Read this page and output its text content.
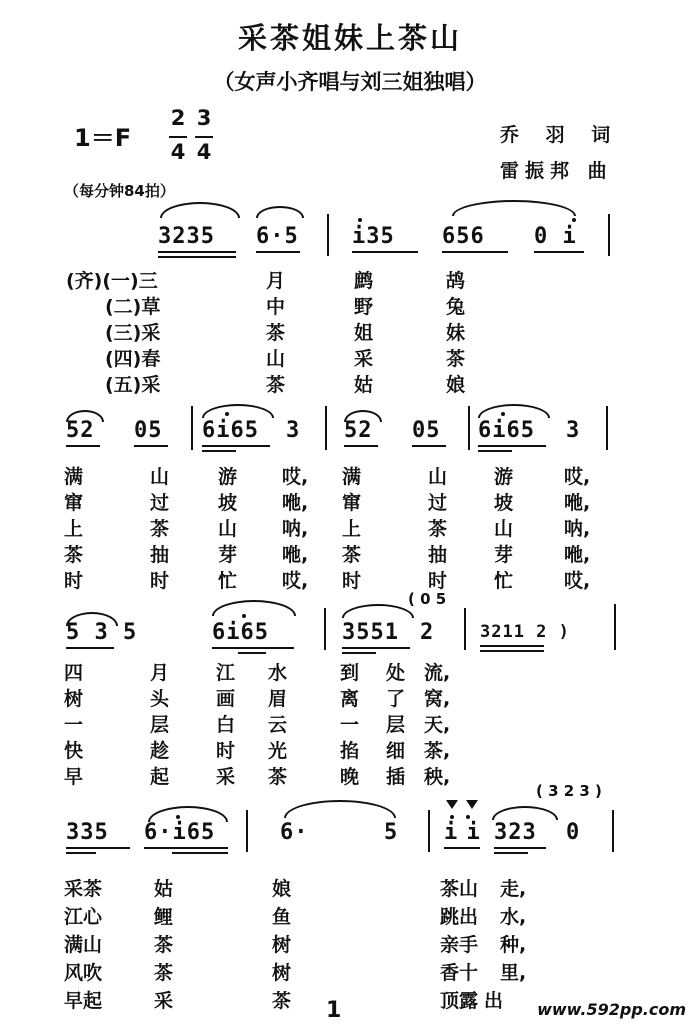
采茶姐妹上茶山
（女声小齐唱与刘三姐独唱）
1＝F
2
4
3
4
乔 羽 词
雷振邦 曲
（每分钟84拍）
3235 6·5 i35 656 0 i
(齐)(一)三	月	鹧	鸪
(二)草	中	野	兔
(三)采	茶	姐	妹
(四)春	山	采	茶
(五)采	茶	姑	娘
52 05 6i65 3 52 05 6i65 3
满	山	游 哎, 满	山 游	哎,
窜	过	坡 咃, 窜	过 坡	咃,
上	茶	山 呐, 上	茶 山	呐,
茶	抽	芽 咃, 茶	抽 芽	咃,
时	时	忙 哎, 时	时 忙	哎,
( 0 5
5 3 5	6i65	3551 2	3211 2 )
四	月 江 水	到 处 流,
树	头 画 眉	离 了 窝,
一	层 白 云	一 层 天,
快	趁 时 光	掐 细 茶,
早	起 采 茶	晚 插 秧,
( 3 2 3 )
335 6·i65	6·	5 i i 323 0
采茶	姑	娘	茶山 走,
江心	鲤	鱼	跳出 水,
满山	茶	树	亲手 种,
风吹	茶	树	香十 里,
早起	采	茶	顶露 出
1	www.592pp.com
